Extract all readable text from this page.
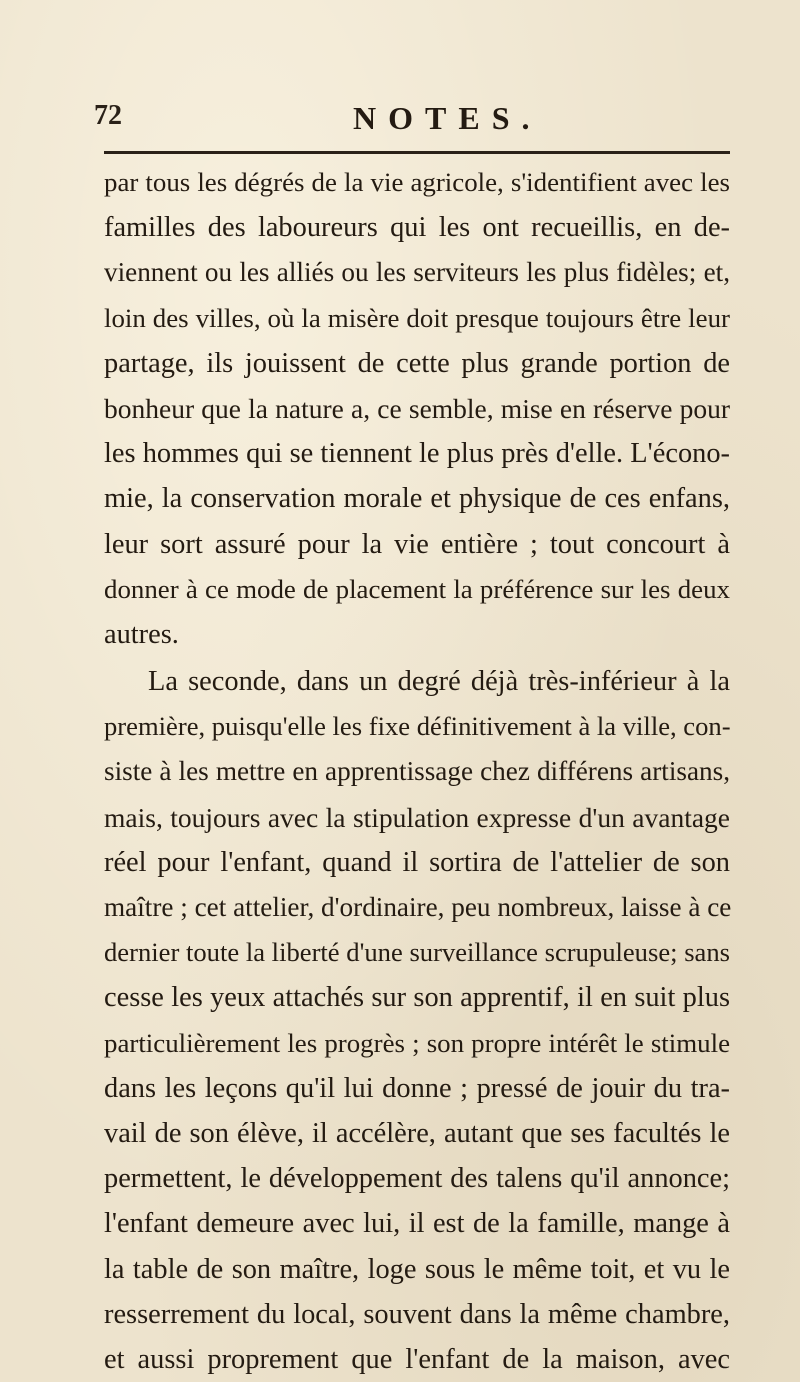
72	NOTES.
par tous les dégrés de la vie agricole, s'identifient avec les
familles des laboureurs qui les ont recueillis, en de-
viennent ou les alliés ou les serviteurs les plus fidèles; et,
loin des villes, où la misère doit presque toujours être leur
partage, ils jouissent de cette plus grande portion de
bonheur que la nature a, ce semble, mise en réserve pour
les hommes qui se tiennent le plus près d'elle. L'écono-
mie, la conservation morale et physique de ces enfans,
leur sort assuré pour la vie entière ; tout concourt à
donner à ce mode de placement la préférence sur les deux
autres.
La seconde, dans un degré déjà très-inférieur à la
première, puisqu'elle les fixe définitivement à la ville, con-
siste à les mettre en apprentissage chez différens artisans,
mais, toujours avec la stipulation expresse d'un avantage
réel pour l'enfant, quand il sortira de l'attelier de son
maître ; cet attelier, d'ordinaire, peu nombreux, laisse à ce
dernier toute la liberté d'une surveillance scrupuleuse; sans
cesse les yeux attachés sur son apprentif, il en suit plus
particulièrement les progrès ; son propre intérêt le stimule
dans les leçons qu'il lui donne ; pressé de jouir du tra-
vail de son élève, il accélère, autant que ses facultés le
permettent, le développement des talens qu'il annonce;
l'enfant demeure avec lui, il est de la famille, mange à
la table de son maître, loge sous le même toit, et vu le
resserrement du local, souvent dans la même chambre,
et aussi proprement que l'enfant de la maison, avec
